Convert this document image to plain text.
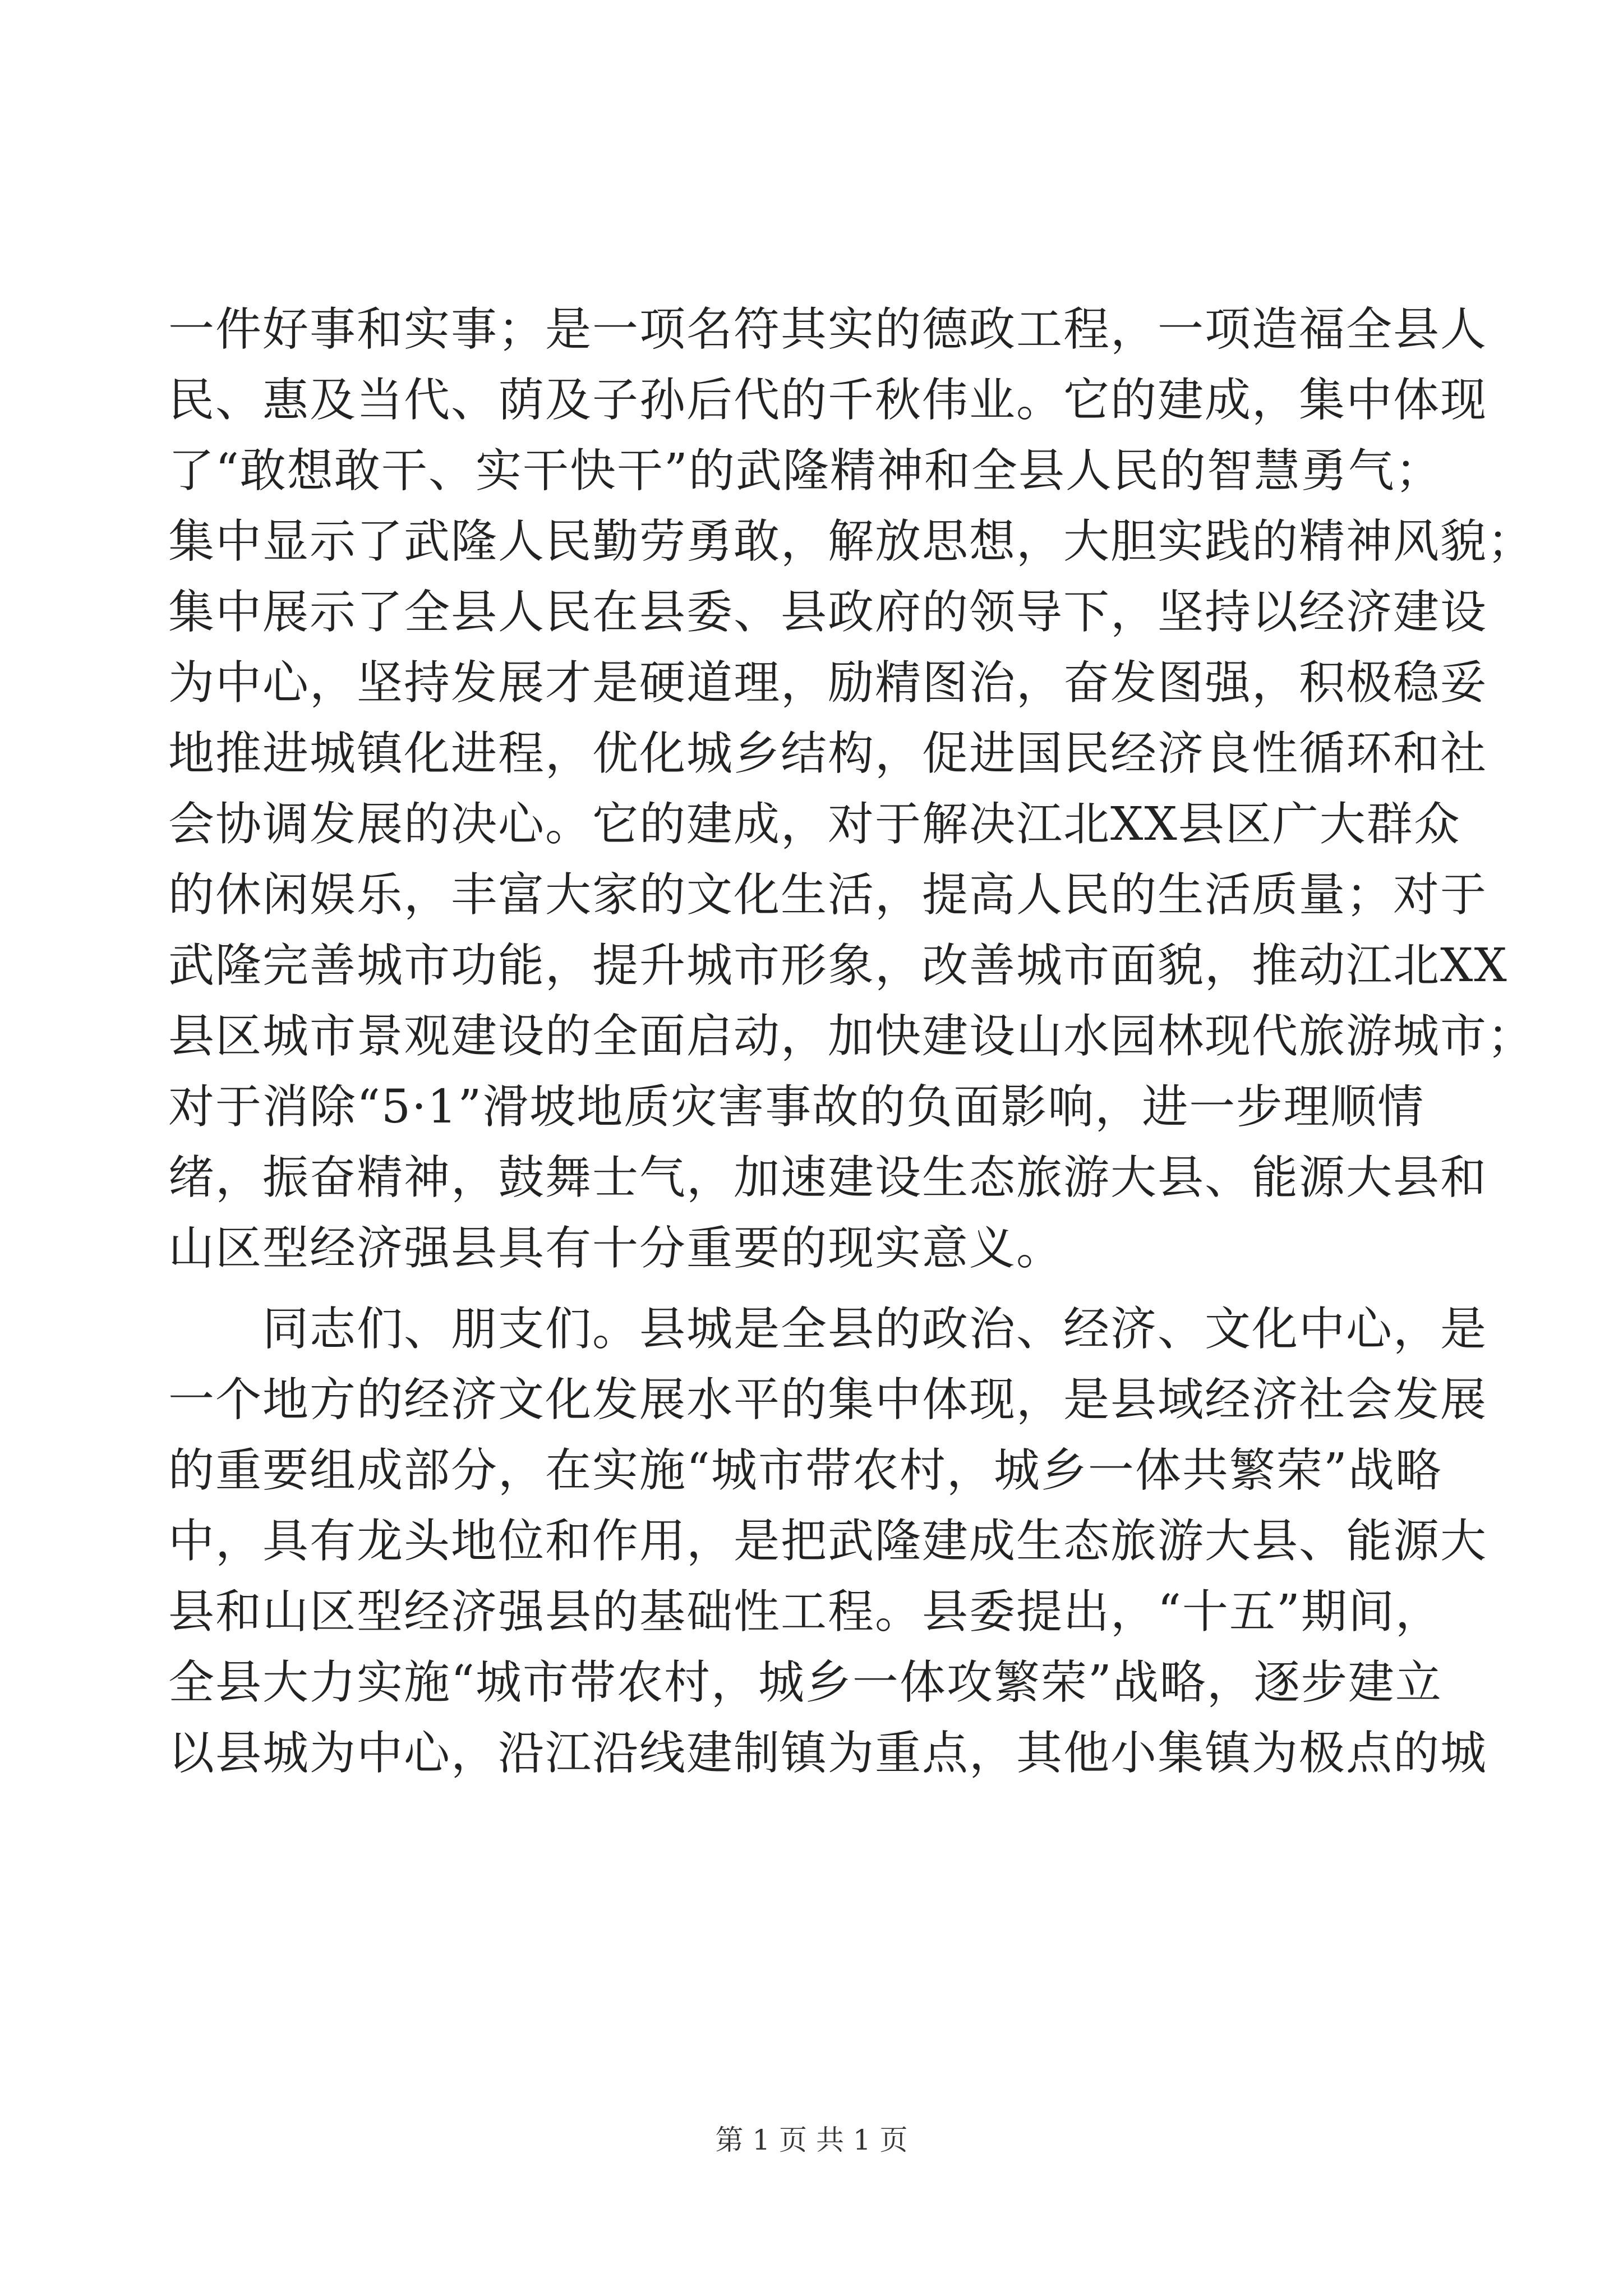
一件好事和实事；是一项名符其实的德政工程，一项造福全县人
民、惠及当代、荫及子孙后代的千秋伟业。它的建成，集中体现
了“敢想敢干、实干快干”的武隆精神和全县人民的智慧勇气；
集中显示了武隆人民勤劳勇敢，解放思想，大胆实践的精神风貌；
集中展示了全县人民在县委、县政府的领导下，坚持以经济建设
为中心，坚持发展才是硬道理，励精图治，奋发图强，积极稳妥
地推进城镇化进程，优化城乡结构，促进国民经济良性循环和社
会协调发展的决心。它的建成，对于解决江北XX县区广大群众
的休闲娱乐，丰富大家的文化生活，提高人民的生活质量；对于
武隆完善城市功能，提升城市形象，改善城市面貌，推动江北XX
县区城市景观建设的全面启动，加快建设山水园林现代旅游城市；
对于消除“5·1”滑坡地质灾害事故的负面影响，进一步理顺情
绪，振奋精神，鼓舞士气，加速建设生态旅游大县、能源大县和
山区型经济强县具有十分重要的现实意义。
　　同志们、朋支们。县城是全县的政治、经济、文化中心，是
一个地方的经济文化发展水平的集中体现，是县域经济社会发展
的重要组成部分，在实施“城市带农村，城乡一体共繁荣”战略
中，具有龙头地位和作用，是把武隆建成生态旅游大县、能源大
县和山区型经济强县的基础性工程。县委提出，“十五”期间，
全县大力实施“城市带农村，城乡一体攻繁荣”战略，逐步建立
以县城为中心，沿江沿线建制镇为重点，其他小集镇为极点的城
第 1 页 共 1 页
